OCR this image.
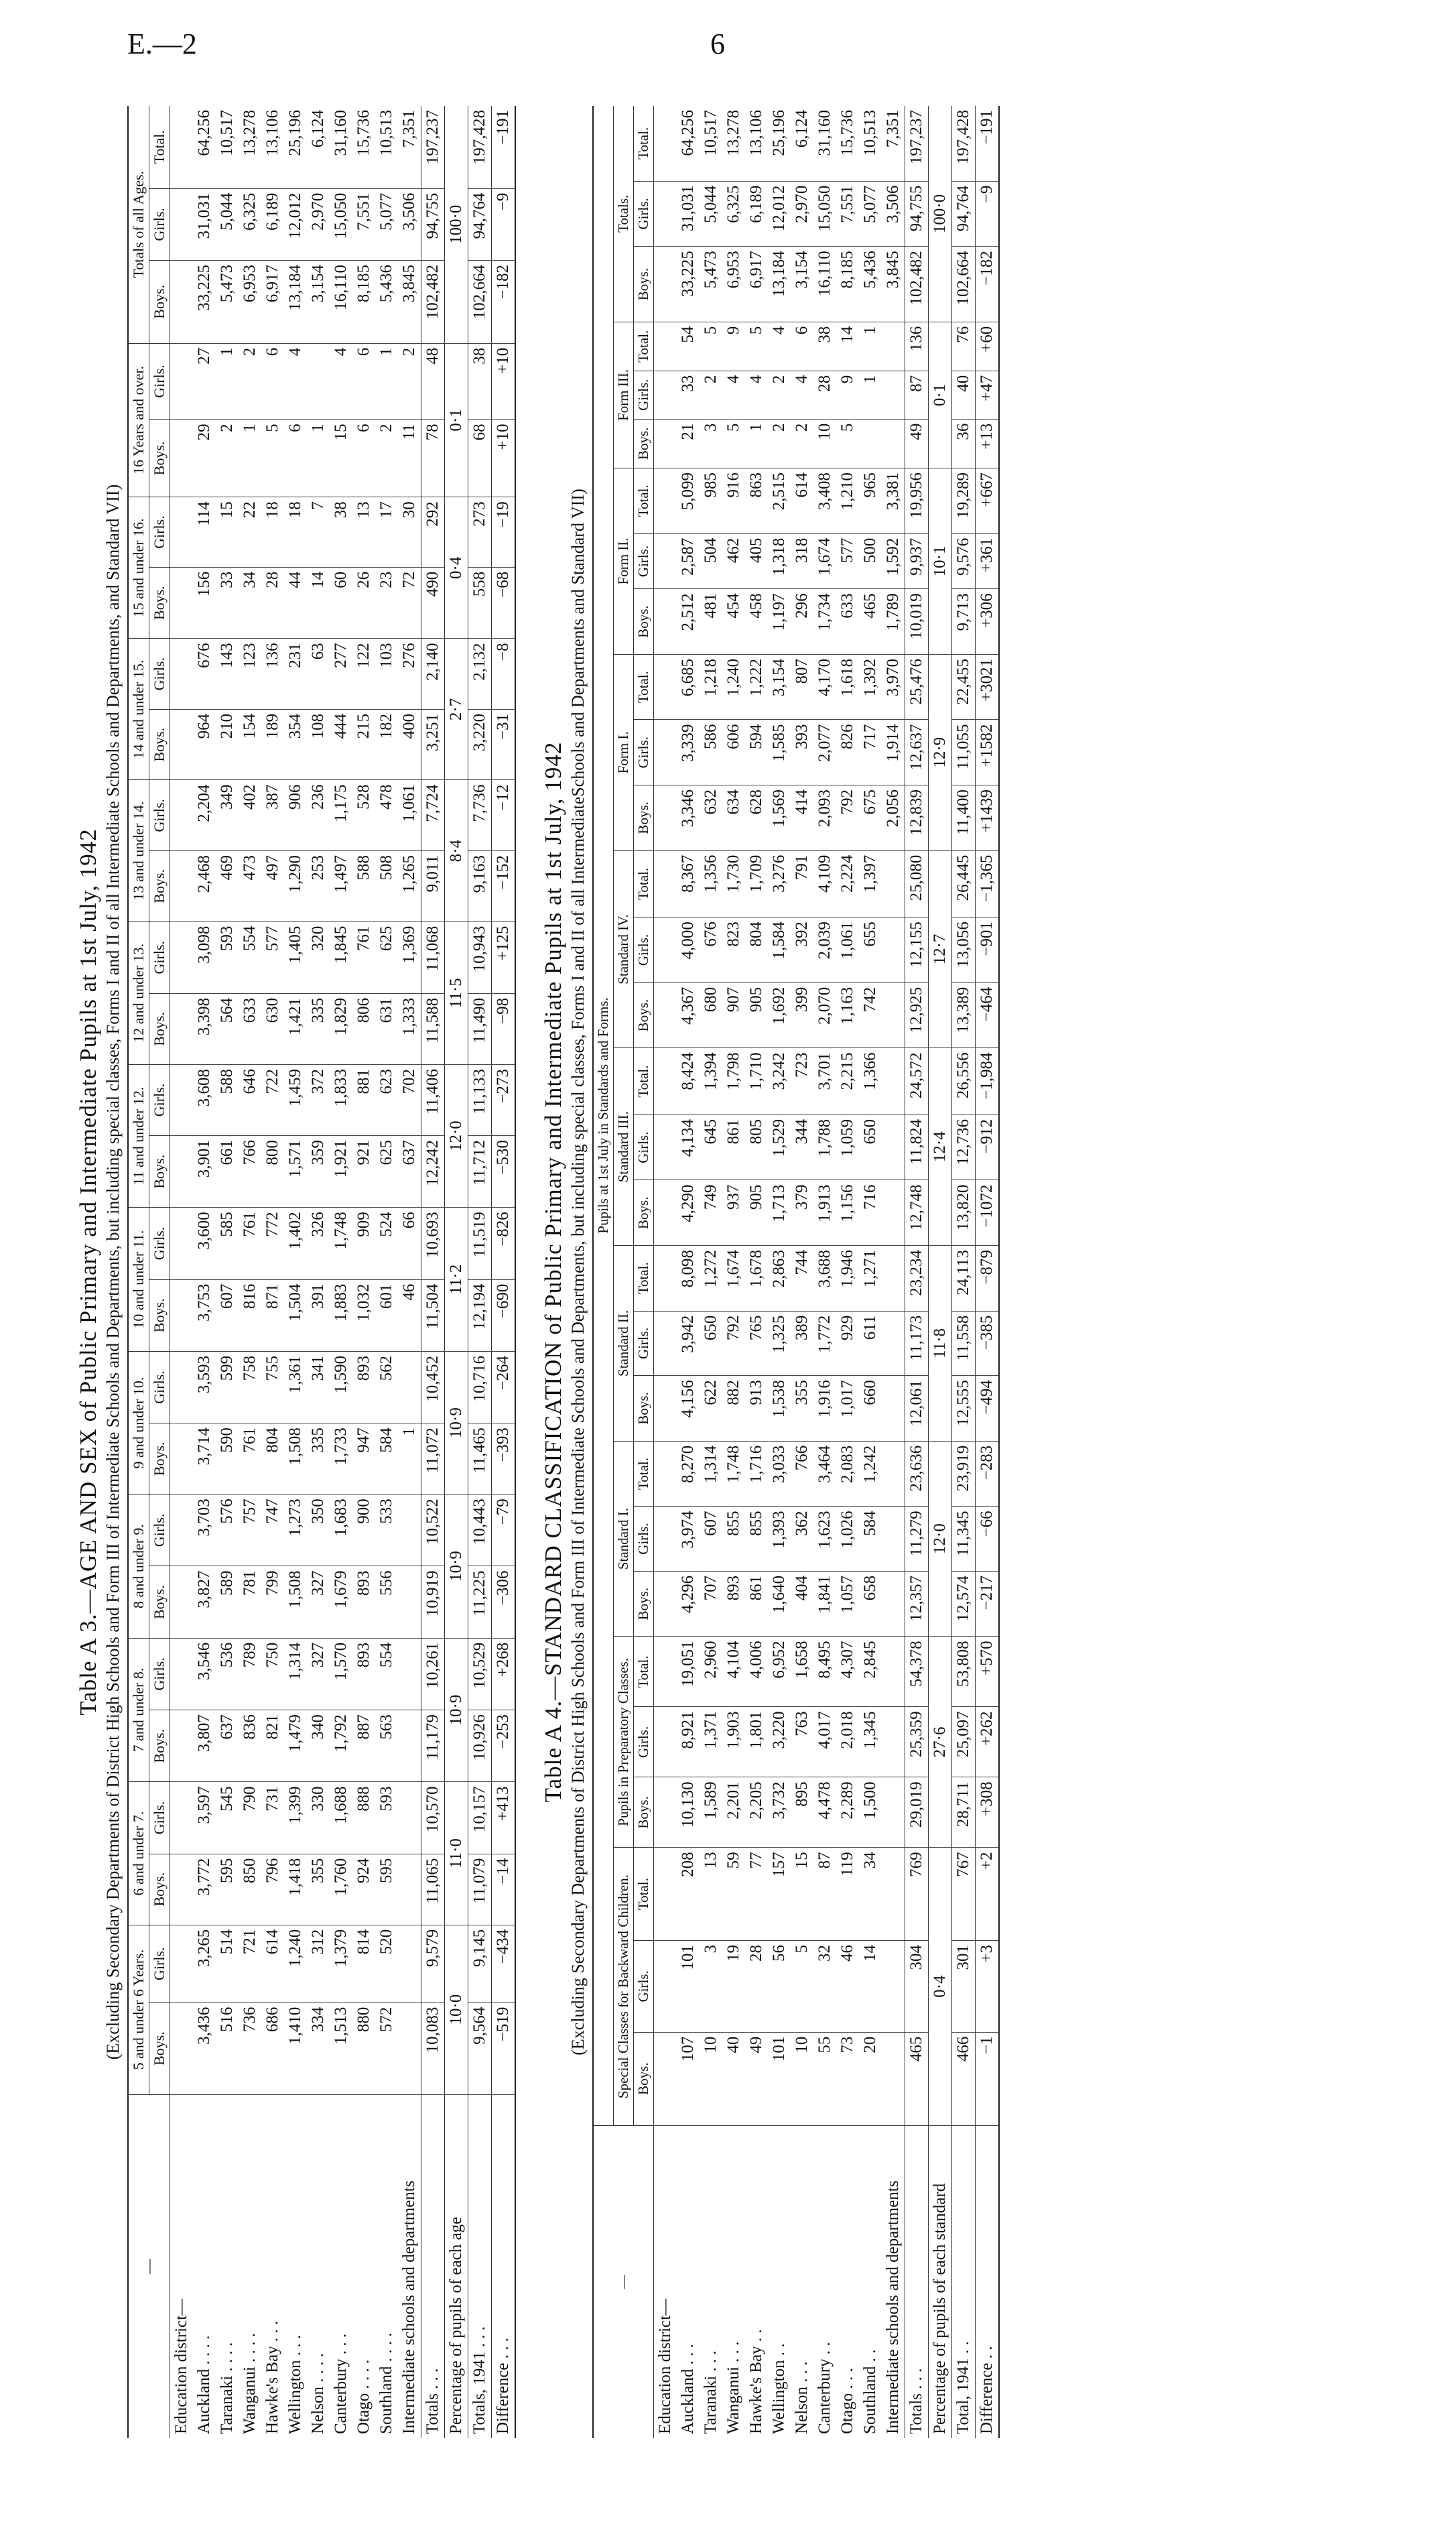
E.—2	6

Table A 3.—AGE AND SEX of Public Primary and Intermediate Pupils at 1st July, 1942 (Excluding Secondary Departments of District High Schools and Form III of Intermediate Schools and Departments, but including special classes, Forms I and II of all Intermediate Schools and Departments, and Standard VII)

—	5 and under 6 Years.		6 and under 7.		7 and under 8.		8 and under 9.		9 and under 10.		10 and under 11.		11 and under 12.		12 and under 13.		13 and under 14.		14 and under 15.		15 and under 16.		16 Years and over.		Totals of all Ages.		
	Boys.	Girls.	Boys.	Girls.	Boys.	Girls.	Boys.	Girls.	Boys.	Girls.	Boys.	Girls.	Boys.	Girls.	Boys.	Girls.	Boys.	Girls.	Boys.	Girls.	Boys.	Girls.	Boys.	Girls.	Boys.	Girls.	Total.
Education district—																											
Auckland . . . .	3,436	3,265	3,772	3,597	3,807	3,546	3,827	3,703	3,714	3,593	3,753	3,600	3,901	3,608	3,398	3,098	2,468	2,204	964	676	156	114	29	27	33,225	31,031	64,256
Taranaki . . . .	516	514	595	545	637	536	589	576	590	599	607	585	661	588	564	593	469	349	210	143	33	15	2	1	5,473	5,044	10,517
Wanganui . . . .	736	721	850	790	836	789	781	757	761	758	816	761	766	646	633	554	473	402	154	123	34	22	1	2	6,953	6,325	13,278
Hawke's Bay . . .	686	614	796	731	821	750	799	747	804	755	871	772	800	722	630	577	497	387	189	136	28	18	5	6	6,917	6,189	13,106
Wellington . . .	1,410	1,240	1,418	1,399	1,479	1,314	1,508	1,273	1,508	1,361	1,504	1,402	1,571	1,459	1,421	1,405	1,290	906	354	231	44	18	6	4	13,184	12,012	25,196
Nelson . . . .	334	312	355	330	340	327	327	350	335	341	391	326	359	372	335	320	253	236	108	63	14	7	1		3,154	2,970	6,124
Canterbury . . .	1,513	1,379	1,760	1,688	1,792	1,570	1,679	1,683	1,733	1,590	1,883	1,748	1,921	1,833	1,829	1,845	1,497	1,175	444	277	60	38	15	4	16,110	15,050	31,160
Otago . . . .	880	814	924	888	887	893	893	900	947	893	1,032	909	921	881	806	761	588	528	215	122	26	13	6	6	8,185	7,551	15,736
Southland . . . .	572	520	595	593	563	554	556	533	584	562	601	524	625	623	631	625	508	478	182	103	23	17	2	1	5,436	5,077	10,513
Intermediate schools and departments									1		46	66	637	702	1,333	1,369	1,265	1,061	400	276	72	30	11	2	3,845	3,506	7,351
Totals . . .	10,083	9,579	11,065	10,570	11,179	10,261	10,919	10,522	11,072	10,452	11,504	10,693	12,242	11,406	11,588	11,068	9,011	7,724	3,251	2,140	490	292	78	48	102,482	94,755	197,237
Percentage of pupils of each age	10·0		11·0		10·9		10·9		10·9		11·2		12·0		11·5		8·4		2·7		0·4		0·1		100·0		
Totals, 1941 . . .	9,564	9,145	11,079	10,157	10,926	10,529	11,225	10,443	11,465	10,716	12,194	11,519	11,712	11,133	11,490	10,943	9,163	7,736	3,220	2,132	558	273	68	38	102,664	94,764	197,428
Difference . . .	−519	−434	−14	+413	−253	+268	−306	−79	−393	−264	−690	−826	−530	−273	−98	+125	−152	−12	−31	−8	−68	−19	+10	+10	−182	−9	−191

Table A 4.—STANDARD CLASSIFICATION of Public Primary and Intermediate Pupils at 1st July, 1942 (Excluding Secondary Departments of District High Schools and Form III of Intermediate Schools and Departments, but including special classes, Forms I and II of all IntermediateSchools and Departments and Standard VII)

—	Pupils at 1st July in Standards and Forms.																													
	Special Classes for Backward Children.			Pupils in Preparatory Classes.			Standard I.			Standard II.			Standard III.			Standard IV.			Form I.			Form II.			Form III.			Totals.		
	Boys.	Girls.	Total.	Boys.	Girls.	Total.	Boys.	Girls.	Total.	Boys.	Girls.	Total.	Boys.	Girls.	Total.	Boys.	Girls.	Total.	Boys.	Girls.	Total.	Boys.	Girls.	Total.	Boys.	Girls.	Total.	Boys.	Girls.	Total.
Education district—																														
Auckland . . .	107	101	208	10,130	8,921	19,051	4,296	3,974	8,270	4,156	3,942	8,098	4,290	4,134	8,424	4,367	4,000	8,367	3,346	3,339	6,685	2,512	2,587	5,099	21	33	54	33,225	31,031	64,256
Taranaki . . .	10	3	13	1,589	1,371	2,960	707	607	1,314	622	650	1,272	749	645	1,394	680	676	1,356	632	586	1,218	481	504	985	3	2	5	5,473	5,044	10,517
Wanganui . . .	40	19	59	2,201	1,903	4,104	893	855	1,748	882	792	1,674	937	861	1,798	907	823	1,730	634	606	1,240	454	462	916	5	4	9	6,953	6,325	13,278
Hawke's Bay . .	49	28	77	2,205	1,801	4,006	861	855	1,716	913	765	1,678	905	805	1,710	905	804	1,709	628	594	1,222	458	405	863	1	4	5	6,917	6,189	13,106
Wellington . .	101	56	157	3,732	3,220	6,952	1,640	1,393	3,033	1,538	1,325	2,863	1,713	1,529	3,242	1,692	1,584	3,276	1,569	1,585	3,154	1,197	1,318	2,515	2	2	4	13,184	12,012	25,196
Nelson . . .	10	5	15	895	763	1,658	404	362	766	355	389	744	379	344	723	399	392	791	414	393	807	296	318	614	2	4	6	3,154	2,970	6,124
Canterbury . .	55	32	87	4,478	4,017	8,495	1,841	1,623	3,464	1,916	1,772	3,688	1,913	1,788	3,701	2,070	2,039	4,109	2,093	2,077	4,170	1,734	1,674	3,408	10	28	38	16,110	15,050	31,160
Otago . . .	73	46	119	2,289	2,018	4,307	1,057	1,026	2,083	1,017	929	1,946	1,156	1,059	2,215	1,163	1,061	2,224	792	826	1,618	633	577	1,210	5	9	14	8,185	7,551	15,736
Southland . .	20	14	34	1,500	1,345	2,845	658	584	1,242	660	611	1,271	716	650	1,366	742	655	1,397	675	717	1,392	465	500	965		1	1	5,436	5,077	10,513
Intermediate schools and departments																			2,056	1,914	3,970	1,789	1,592	3,381				3,845	3,506	7,351
Totals . . .	465	304	769	29,019	25,359	54,378	12,357	11,279	23,636	12,061	11,173	23,234	12,748	11,824	24,572	12,925	12,155	25,080	12,839	12,637	25,476	10,019	9,937	19,956	49	87	136	102,482	94,755	197,237
Percentage of pupils of each standard	0·4			27·6			12·0			11·8			12·4			12·7			12·9			10·1			0·1			100·0		
Total, 1941 . .	466	301	767	28,711	25,097	53,808	12,574	11,345	23,919	12,555	11,558	24,113	13,820	12,736	26,556	13,389	13,056	26,445	11,400	11,055	22,455	9,713	9,576	19,289	36	40	76	102,664	94,764	197,428
Difference . .	−1	+3	+2	+308	+262	+570	−217	−66	−283	−494	−385	−879	−1072	−912	−1,984	−464	−901	−1,365	+1439	+1582	+3021	+306	+361	+667	+13	+47	+60	−182	−9	−191
